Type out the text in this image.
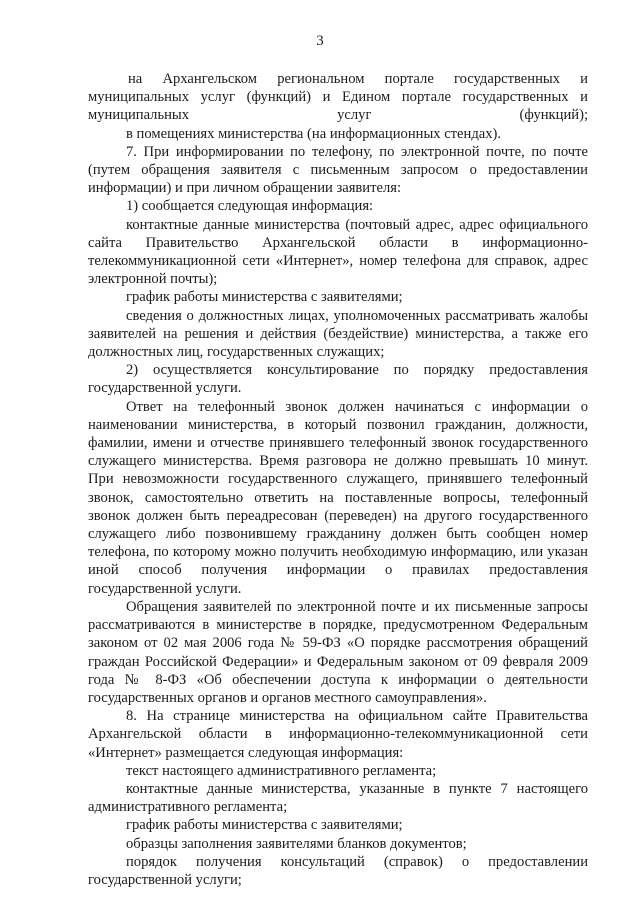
3

на Архангельском региональном портале государственных и муниципальных услуг (функций) и Едином портале государственных и муниципальных услуг (функций);

в помещениях министерства (на информационных стендах).

7. При информировании по телефону, по электронной почте, по почте (путем обращения заявителя с письменным запросом о предоставлении информации) и при личном обращении заявителя:

1) сообщается следующая информация:

контактные данные министерства (почтовый адрес, адрес официального сайта Правительство Архангельской области в информационно-телекоммуникационной сети «Интернет», номер телефона для справок, адрес электронной почты);

график работы министерства с заявителями;

сведения о должностных лицах, уполномоченных рассматривать жалобы заявителей на решения и действия (бездействие) министерства, а также его должностных лиц, государственных служащих;

2) осуществляется консультирование по порядку предоставления государственной услуги.

Ответ на телефонный звонок должен начинаться с информации о наименовании министерства, в который позвонил гражданин, должности, фамилии, имени и отчестве принявшего телефонный звонок государственного служащего министерства. Время разговора не должно превышать 10 минут. При невозможности государственного служащего, принявшего телефонный звонок, самостоятельно ответить на поставленные вопросы, телефонный звонок должен быть переадресован (переведен) на другого государственного служащего либо позвонившему гражданину должен быть сообщен номер телефона, по которому можно получить необходимую информацию, или указан иной способ получения информации о правилах предоставления государственной услуги.

Обращения заявителей по электронной почте и их письменные запросы рассматриваются в министерстве в порядке, предусмотренном Федеральным законом от 02 мая 2006 года № 59-ФЗ «О порядке рассмотрения обращений граждан Российской Федерации» и Федеральным законом от 09 февраля 2009 года № 8-ФЗ «Об обеспечении доступа к информации о деятельности государственных органов и органов местного самоуправления».

8. На странице министерства на официальном сайте Правительства Архангельской области в информационно-телекоммуникационной сети «Интернет» размещается следующая информация:

текст настоящего административного регламента;

контактные данные министерства, указанные в пункте 7 настоящего административного регламента;

график работы министерства с заявителями;

образцы заполнения заявителями бланков документов;

порядок получения консультаций (справок) о предоставлении государственной услуги;
